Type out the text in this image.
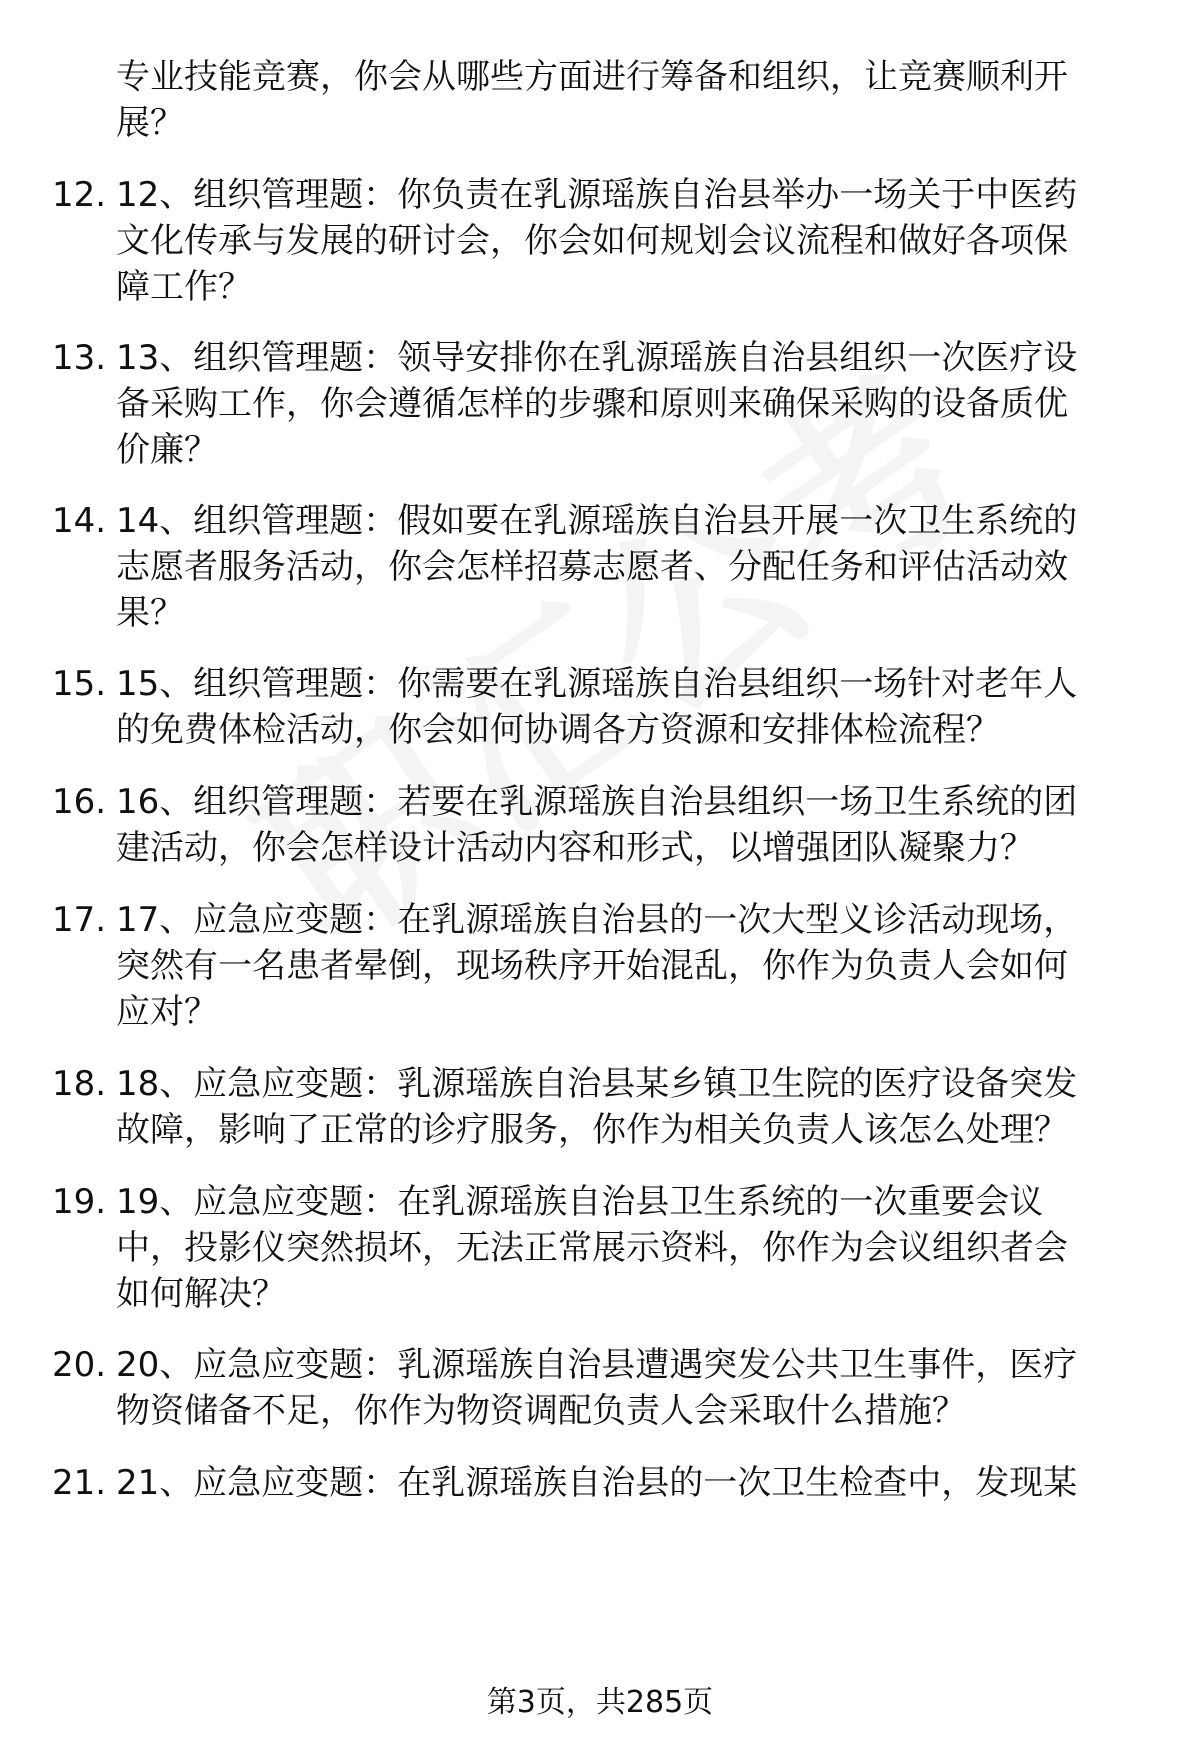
专业技能竞赛，你会从哪些方面进行筹备和组织，让竞赛顺利开
展？
12. 12、组织管理题：你负责在乳源瑶族自治县举办一场关于中医药
文化传承与发展的研讨会，你会如何规划会议流程和做好各项保
障工作？
13. 13、组织管理题：领导安排你在乳源瑶族自治县组织一次医疗设
备采购工作，你会遵循怎样的步骤和原则来确保采购的设备质优
价廉？
14. 14、组织管理题：假如要在乳源瑶族自治县开展一次卫生系统的
志愿者服务活动，你会怎样招募志愿者、分配任务和评估活动效
果？
15. 15、组织管理题：你需要在乳源瑶族自治县组织一场针对老年人
的免费体检活动，你会如何协调各方资源和安排体检流程？
16. 16、组织管理题：若要在乳源瑶族自治县组织一场卫生系统的团
建活动，你会怎样设计活动内容和形式，以增强团队凝聚力？
17. 17、应急应变题：在乳源瑶族自治县的一次大型义诊活动现场，
突然有一名患者晕倒，现场秩序开始混乱，你作为负责人会如何
应对？
18. 18、应急应变题：乳源瑶族自治县某乡镇卫生院的医疗设备突发
故障，影响了正常的诊疗服务，你作为相关负责人该怎么处理？
19. 19、应急应变题：在乳源瑶族自治县卫生系统的一次重要会议
中，投影仪突然损坏，无法正常展示资料，你作为会议组织者会
如何解决？
20. 20、应急应变题：乳源瑶族自治县遭遇突发公共卫生事件，医疗
物资储备不足，你作为物资调配负责人会采取什么措施？
21. 21、应急应变题：在乳源瑶族自治县的一次卫生检查中，发现某
第3页，共285页
